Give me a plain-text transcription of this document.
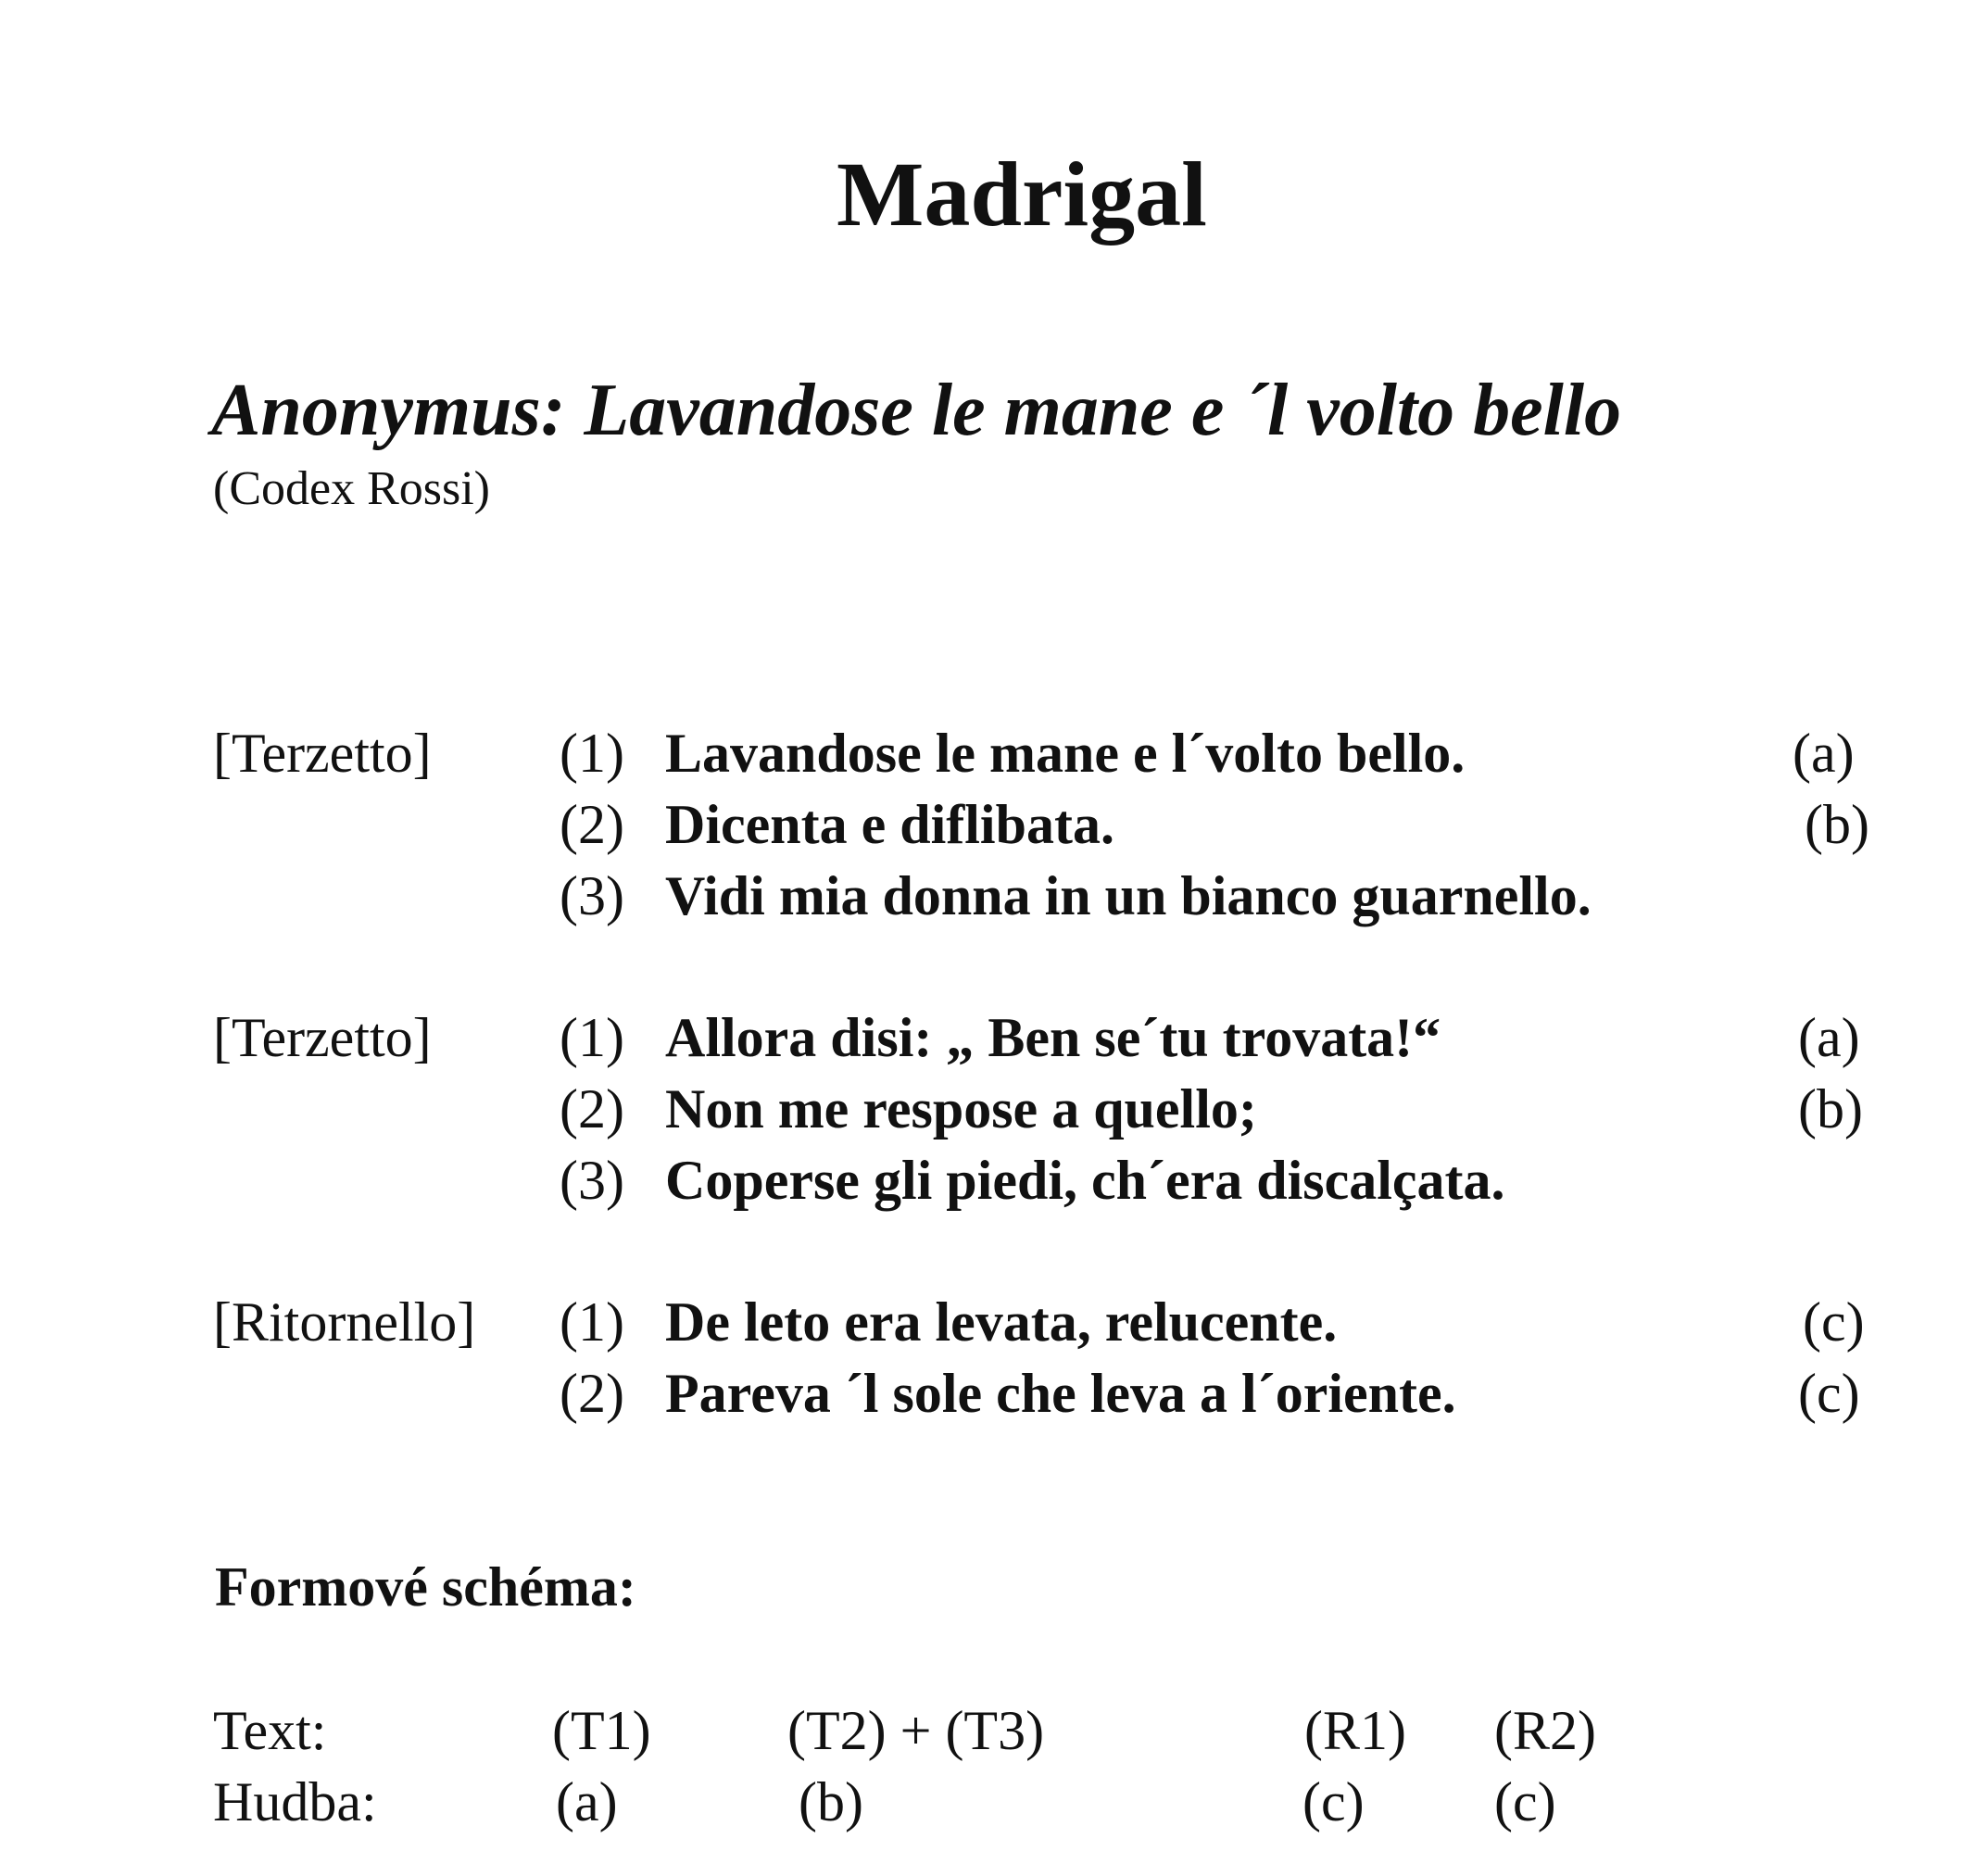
Madrigal
Anonymus: Lavandose le mane e ´l volto bello
(Codex Rossi)
[Terzetto] (1) Lavandose le mane e l´volto bello.	(a)
(2) Dicenta e diflibata.	(b)
(3) Vidi mia donna in un bianco guarnello.
[Terzetto] (1) Allora disi: „ Ben se´tu trovata!“	(a)
(2) Non me respose a quello;	(b)
(3) Coperse gli piedi, ch´era discalçata.
[Ritornello] (1) De leto era levata, relucente.	(c)
(2) Pareva ´l sole che leva a l´oriente.	(c)
Formové schéma:
Text:	(T1) (T2) + (T3)	(R1) (R2)
Hudba:	(a)	(b)	(c) (c)
